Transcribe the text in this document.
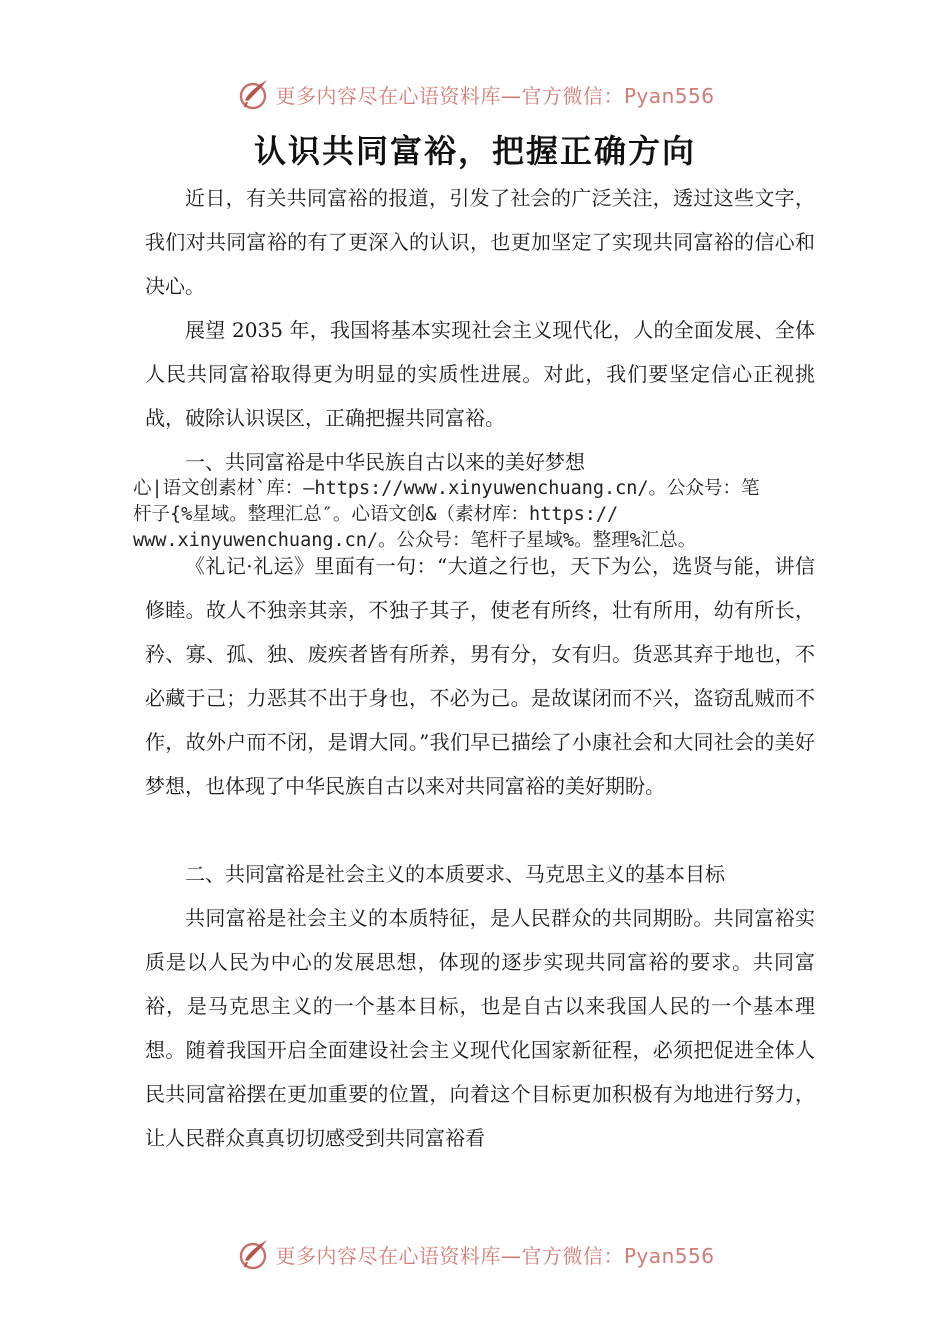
更多内容尽在心语资料库—官方微信：Pyan556
认识共同富裕，把握正确方向

近日，有关共同富裕的报道，引发了社会的广泛关注，透过这些文字，我们对共同富裕的有了更深入的认识，也更加坚定了实现共同富裕的信心和决心。

展望 2035 年，我国将基本实现社会主义现代化，人的全面发展、全体人民共同富裕取得更为明显的实质性进展。对此，我们要坚定信心正视挑战，破除认识误区，正确把握共同富裕。

一、共同富裕是中华民族自古以来的美好梦想

心|语文创素材`库：—https://www.xinyuwenchuang.cn/。公众号：笔

杆子{%星域。整理汇总″。心语文创&（素材库：https://

www.xinyuwenchuang.cn/。公众号：笔杆子星域%。整理%汇总。

《礼记·礼运》里面有一句：“大道之行也，天下为公，选贤与能，讲信修睦。故人不独亲其亲，不独子其子，使老有所终，壮有所用，幼有所长，矜、寡、孤、独、废疾者皆有所养，男有分，女有归。货恶其弃于地也，不必藏于己；力恶其不出于身也，不必为己。是故谋闭而不兴，盗窃乱贼而不作，故外户而不闭，是谓大同。”我们早已描绘了小康社会和大同社会的美好梦想，也体现了中华民族自古以来对共同富裕的美好期盼。

二、共同富裕是社会主义的本质要求、马克思主义的基本目标

共同富裕是社会主义的本质特征，是人民群众的共同期盼。共同富裕实质是以人民为中心的发展思想，体现的逐步实现共同富裕的要求。共同富裕，是马克思主义的一个基本目标，也是自古以来我国人民的一个基本理想。随着我国开启全面建设社会主义现代化国家新征程，必须把促进全体人民共同富裕摆在更加重要的位置，向着这个目标更加积极有为地进行努力，让人民群众真真切切感受到共同富裕看

更多内容尽在心语资料库—官方微信：Pyan556
